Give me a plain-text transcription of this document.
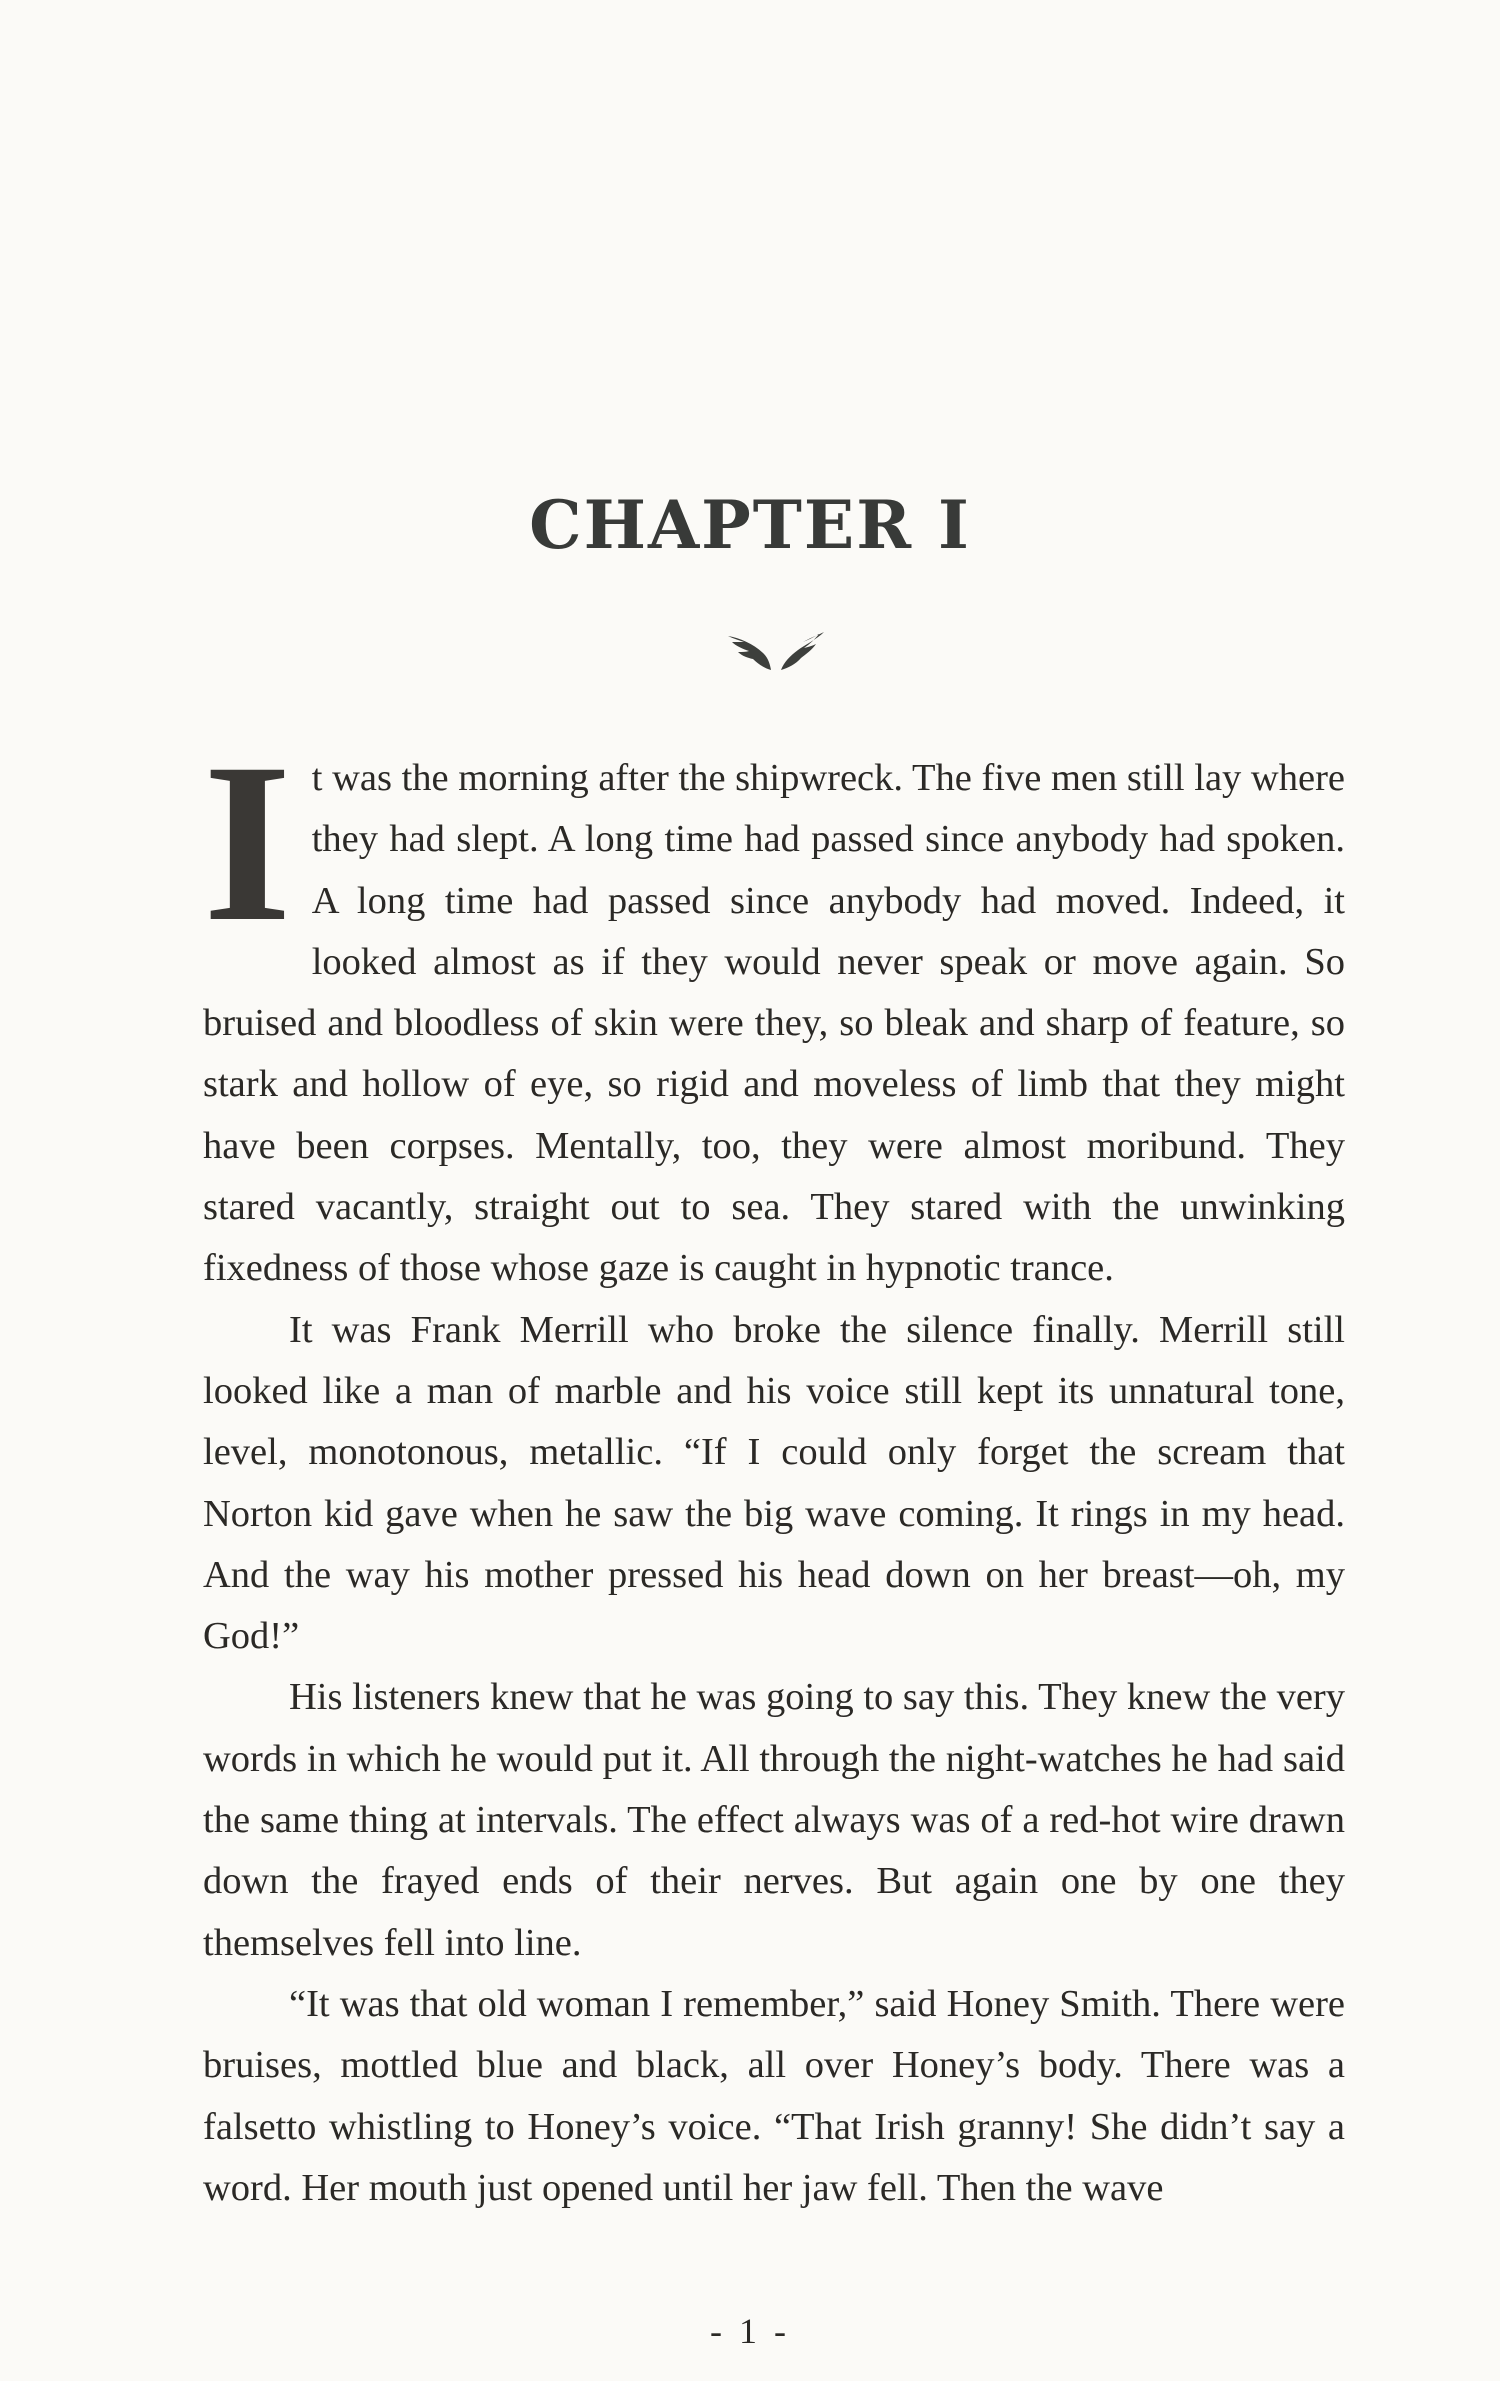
CHAPTER I

It was the morning after the shipwreck. The five men still lay where they had slept. A long time had passed since anybody had spoken. A long time had passed since anybody had moved. Indeed, it looked almost as if they would never speak or move again. So bruised and bloodless of skin were they, so bleak and sharp of feature, so stark and hollow of eye, so rigid and moveless of limb that they might have been corpses. Mentally, too, they were almost moribund. They stared vacantly, straight out to sea. They stared with the unwinking fixedness of those whose gaze is caught in hypnotic trance.

It was Frank Merrill who broke the silence finally. Merrill still looked like a man of marble and his voice still kept its unnatural tone, level, monotonous, metallic. “If I could only forget the scream that Norton kid gave when he saw the big wave coming. It rings in my head. And the way his mother pressed his head down on her breast—oh, my God!”

His listeners knew that he was going to say this. They knew the very words in which he would put it. All through the night-watches he had said the same thing at intervals. The effect always was of a red-hot wire drawn down the frayed ends of their nerves. But again one by one they themselves fell into line.

“It was that old woman I remember,” said Honey Smith. There were bruises, mottled blue and black, all over Honey’s body. There was a falsetto whistling to Honey’s voice. “That Irish granny! She didn’t say a word. Her mouth just opened until her jaw fell. Then the wave

- 1 -
